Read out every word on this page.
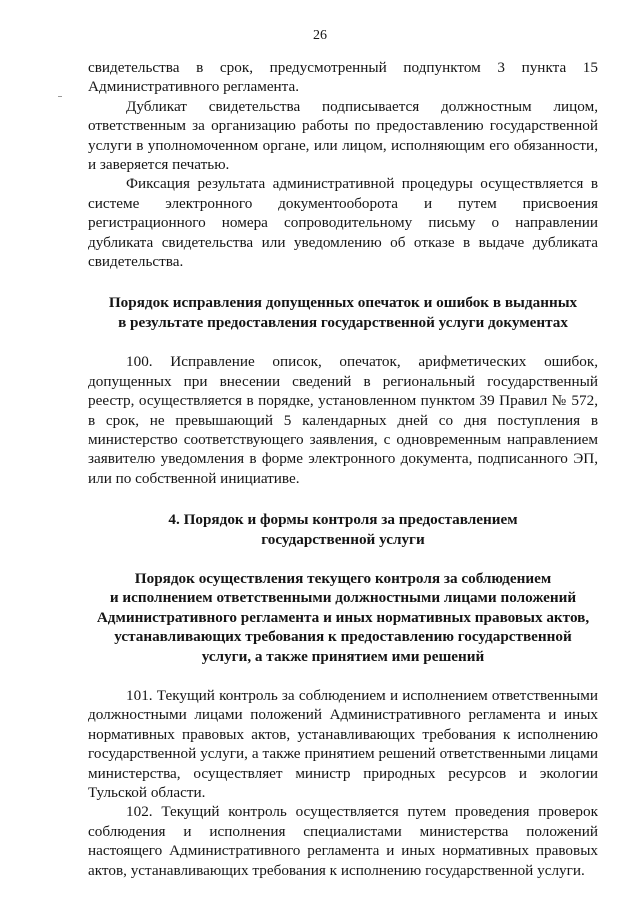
26

свидетельства в срок, предусмотренный подпунктом 3 пункта 15 Административного регламента.

Дубликат свидетельства подписывается должностным лицом, ответственным за организацию работы по предоставлению государственной услуги в уполномоченном органе, или лицом, исполняющим его обязанности, и заверяется печатью.

Фиксация результата административной процедуры осуществляется в системе электронного документооборота и путем присвоения регистрационного номера сопроводительному письму о направлении дубликата свидетельства или уведомлению об отказе в выдаче дубликата свидетельства.

Порядок исправления допущенных опечаток и ошибок в выданных
в результате предоставления государственной услуги документах

100. Исправление описок, опечаток, арифметических ошибок, допущенных при внесении сведений в региональный государственный реестр, осуществляется в порядке, установленном пунктом 39 Правил № 572, в срок, не превышающий 5 календарных дней со дня поступления в министерство соответствующего заявления, с одновременным направлением заявителю уведомления в форме электронного документа, подписанного ЭП, или по собственной инициативе.

4. Порядок и формы контроля за предоставлением
государственной услуги
Порядок осуществления текущего контроля за соблюдением
и исполнением ответственными должностными лицами положений
Административного регламента и иных нормативных правовых актов,
устанавливающих требования к предоставлению государственной
услуги, а также принятием ими решений

101. Текущий контроль за соблюдением и исполнением ответственными должностными лицами положений Административного регламента и иных нормативных правовых актов, устанавливающих требования к исполнению государственной услуги, а также принятием решений ответственными лицами министерства, осуществляет министр природных ресурсов и экологии Тульской области.

102. Текущий контроль осуществляется путем проведения проверок соблюдения и исполнения специалистами министерства положений настоящего Административного регламента и иных нормативных правовых актов, устанавливающих требования к исполнению государственной услуги.
